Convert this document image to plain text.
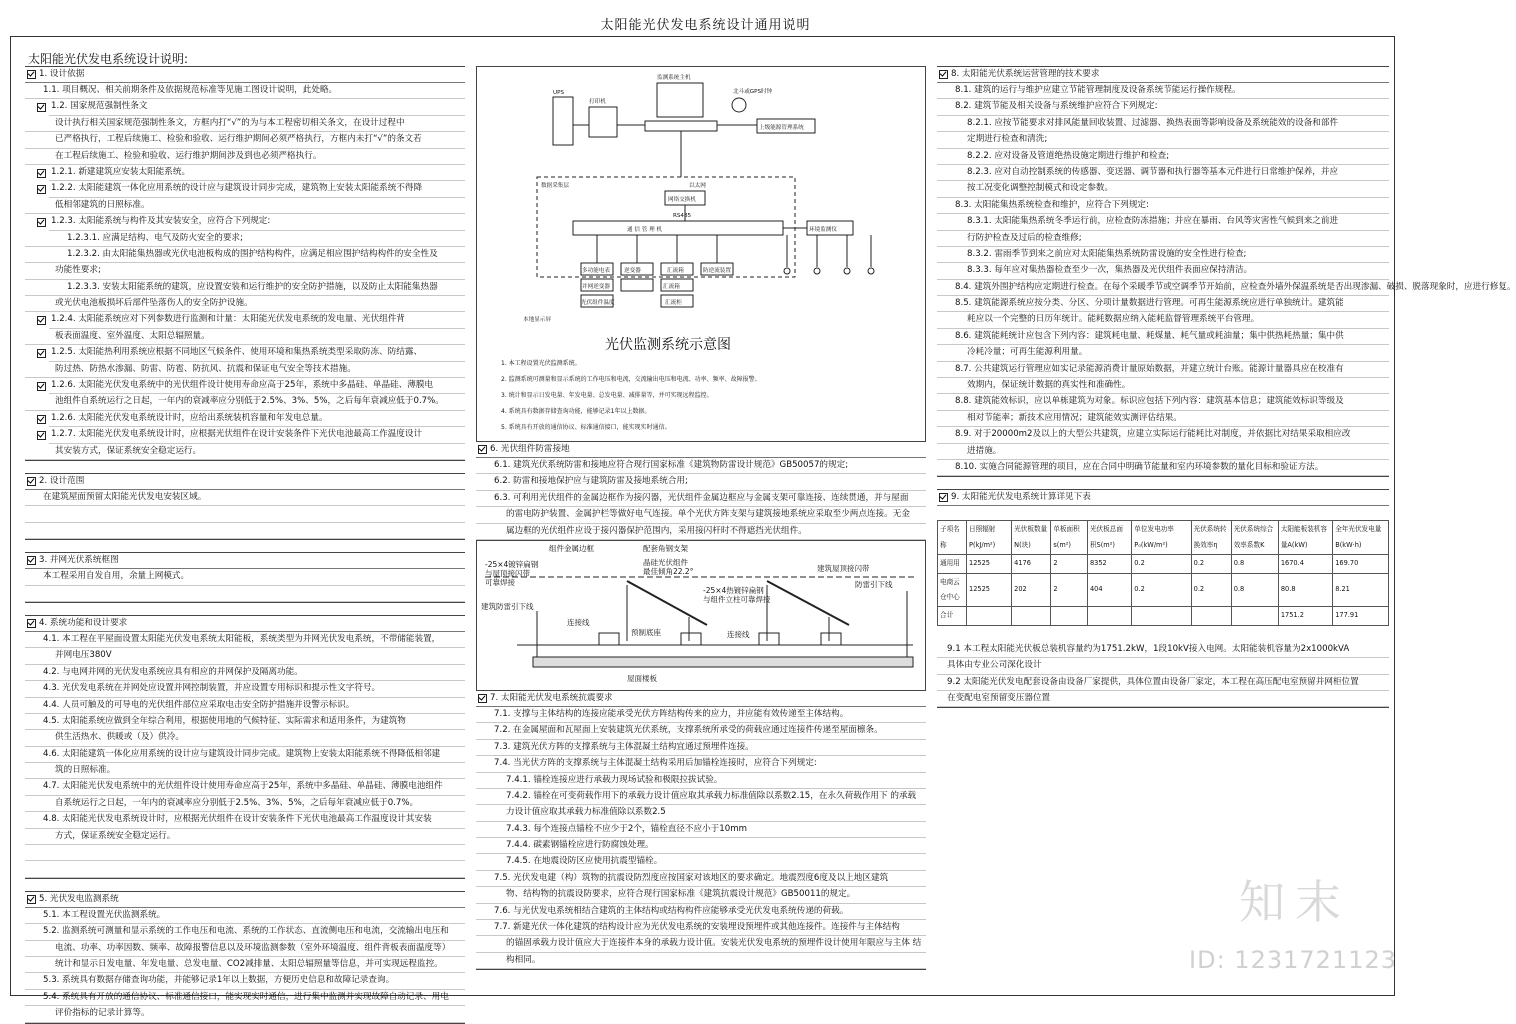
太阳能光伏发电系统设计通用说明
太阳能光伏发电系统设计说明:
1. 设计依据
1.1. 项目概况、相关前期条件及依据规范标准等见施工图设计说明，此处略。
1.2. 国家规范强制性条文
设计执行相关国家规范强制性条文，方框内打“√”的为与本工程密切相关条文，在设计过程中
已严格执行，工程后续施工、检验和验收、运行维护期间必须严格执行，方框内未打“√”的条文若
在工程后续施工、检验和验收、运行维护期间涉及到也必须严格执行。
1.2.1. 新建建筑应安装太阳能系统。
1.2.2. 太阳能建筑一体化应用系统的设计应与建筑设计同步完成，建筑物上安装太阳能系统不得降
低相邻建筑的日照标准。
1.2.3. 太阳能系统与构件及其安装安全，应符合下列规定:
1.2.3.1. 应满足结构、电气及防火安全的要求;
1.2.3.2. 由太阳能集热器或光伏电池板构成的围护结构构件，应满足相应围护结构构件的安全性及
功能性要求;
1.2.3.3. 安装太阳能系统的建筑，应设置安装和运行维护的安全防护措施，以及防止太阳能集热器
或光伏电池板损坏后部件坠落伤人的安全防护设施。
1.2.4. 太阳能系统应对下列参数进行监测和计量：太阳能光伏发电系统的发电量、光伏组件背
板表面温度、室外温度、太阳总辐照量。
1.2.5. 太阳能热利用系统应根据不同地区气候条件、使用环境和集热系统类型采取防冻、防结露、
防过热、防热水渗漏、防雷、防雹、防抗风、抗震和保证电气安全等技术措施。
1.2.6. 太阳能光伏发电系统中的光伏组件设计使用寿命应高于25年，系统中多晶硅、单晶硅、薄膜电
池组件自系统运行之日起，一年内的衰减率应分别低于2.5%、3%、5%，之后每年衰减应低于0.7%。
1.2.6. 太阳能光伏发电系统设计时，应给出系统装机容量和年发电总量。
1.2.7. 太阳能光伏发电系统设计时，应根据光伏组件在设计安装条件下光伏电池最高工作温度设计
其安装方式，保证系统安全稳定运行。
2. 设计范围
在建筑屋面预留太阳能光伏发电安装区域。
3. 并网光伏系统框图
本工程采用自发自用，余量上网模式。
4. 系统功能和设计要求
4.1. 本工程在平屋面设置太阳能光伏发电系统太阳能板，系统类型为并网光伏发电系统，不带储能装置，
并网电压380V
4.2. 与电网并网的光伏发电系统应具有相应的并网保护及隔离功能。
4.3. 光伏发电系统在并网处应设置并网控制装置，并应设置专用标识和提示性文字符号。
4.4. 人员可触及的可导电的光伏组件部位应采取电击安全防护措施并设警示标识。
4.5. 太阳能系统应做到全年综合利用，根据使用地的气候特征、实际需求和适用条件，为建筑物
供生活热水、供暖或（及）供冷。
4.6. 太阳能建筑一体化应用系统的设计应与建筑设计同步完成。建筑物上安装太阳能系统不得降低相邻建
筑的日照标准。
4.7. 太阳能光伏发电系统中的光伏组件设计使用寿命应高于25年，系统中多晶硅、单晶硅、薄膜电池组件
自系统运行之日起，一年内的衰减率应分别低于2.5%、3%、5%，之后每年衰减应低于0.7%。
4.8. 太阳能光伏发电系统设计时，应根据光伏组件在设计安装条件下光伏电池最高工作温度设计其安装
方式，保证系统安全稳定运行。
5. 光伏发电监测系统
5.1. 本工程设置光伏监测系统。
5.2. 监测系统可测量和显示系统的工作电压和电流、系统的工作状态、直流侧电压和电流，交流输出电压和
电流、功率、功率因数、频率、故障报警信息以及环境监测参数（室外环境温度、组件背板表面温度等）
统计和显示日发电量、年发电量、总发电量、CO2减排量、太阳总辐照量等信息，并可实现远程监控。
5.3. 系统具有数据存储查询功能，并能够记录1年以上数据，方便历史信息和故障记录查询。
5.4. 系统具有开放的通信协议、标准通信接口，能实现实时通信，进行集中监测并实现故障自动记录、用电
评价指标的记录计算等。
UPS
打印机
监测系统主机
北斗或GPS时钟
上级能源管理系统
以太网
网络交换机
通 信 管 理 机
RS485
环境监测仪
多功能电表	逆变器	汇流箱	防逆流装置
并网逆变器	汇流箱
光伏组件温度	汇流柜
数据采集层
本地显示屏
光伏监测系统示意图
1. 本工程设置光伏监测系统。
2. 监测系统可测量和显示系统的工作电压和电流，交流输出电压和电流、功率、频率、故障报警。
3. 统计和显示日发电量、年发电量、总发电量、减排量等，并可实现远程监控。
4. 系统具有数据存储查询功能，能够记录1年以上数据。
5. 系统具有开放的通信协议、标准通信接口，能实现实时通信。
6. 光伏组件防雷接地
6.1. 建筑光伏系统防雷和接地应符合现行国家标准《建筑物防雷设计规范》GB50057的规定;
6.2. 防雷和接地保护应与建筑防雷及接地系统合用;
6.3. 可利用光伏组件的金属边框作为接闪器，光伏组件金属边框应与金属支架可靠连接、连续贯通，并与屋面
的雷电防护装置、金属护栏等做好电气连接。单个光伏方阵支架与建筑接地系统应采取至少两点连接。无金
属边框的光伏组件应设于接闪器保护范围内，采用接闪杆时不得遮挡光伏组件。
组件金属边框
-25×4镀锌扁钢与屋顶接闪带可靠焊接
配套角钢支架
晶硅光伏组件最佳倾角22.2°
-25×4热镀锌扁钢与组件立柱可靠焊接
建筑屋顶接闪带
建筑防雷引下线
防雷引下线
连接线
连接线
预制底座
屋面楼板
7. 太阳能光伏发电系统抗震要求
7.1. 支撑与主体结构的连接应能承受光伏方阵结构传来的应力，并应能有效传递至主体结构。
7.2. 在金属屋面和瓦屋面上安装建筑光伏系统，支撑系统所承受的荷载应通过连接件传递至屋面檩条。
7.3. 建筑光伏方阵的支撑系统与主体混凝土结构宜通过预埋件连接。
7.4. 当光伏方阵的支撑系统与主体混凝土结构采用后加锚栓连接时，应符合下列规定:
7.4.1. 锚栓连接应进行承载力现场试验和极限拉拔试验。
7.4.2. 锚栓在可变荷载作用下的承载力设计值应取其承载力标准值除以系数2.15，在永久荷载作用下 的承载
力设计值应取其承载力标准值除以系数2.5
7.4.3. 每个连接点锚栓不应少于2个，锚栓直径不应小于10mm
7.4.4. 碳素钢锚栓应进行防腐蚀处理。
7.4.5. 在地震设防区应使用抗震型锚栓。
7.5. 光伏发电建（构）筑物的抗震设防烈度应按国家对该地区的要求确定。地震烈度6度及以上地区建筑
物、结构物的抗震设防要求，应符合现行国家标准《建筑抗震设计规范》GB50011的规定。
7.6. 与光伏发电系统相结合建筑的主体结构或结构构件应能够承受光伏发电系统传递的荷载。
7.7. 新建光伏一体化建筑的结构设计应为光伏发电系统的安装埋设预埋件或其他连接件。连接件与主体结构
的锚固承载力设计值应大于连接件本身的承载力设计值。安装光伏发电系统的预埋件设计使用年限应与主体 结
构相同。
8. 太阳能光伏系统运营管理的技术要求
8.1. 建筑的运行与维护应建立节能管理制度及设备系统节能运行操作规程。
8.2. 建筑节能及相关设备与系统维护应符合下列规定:
8.2.1. 应按节能要求对排风能量回收装置、过滤器、换热表面等影响设备及系统能效的设备和部件
定期进行检查和清洗;
8.2.2. 应对设备及管道绝热设施定期进行维护和检查;
8.2.3. 应对自动控制系统的传感器、变送器、调节器和执行器等基本元件进行日常维护保养，并应
按工况变化调整控制模式和设定参数。
8.3. 太阳能集热系统检查和维护，应符合下列规定:
8.3.1. 太阳能集热系统冬季运行前，应检查防冻措施；并应在暴雨、台风等灾害性气候到来之前进
行防护检查及过后的检查维修;
8.3.2. 雷雨季节到来之前应对太阳能集热系统防雷设施的安全性进行检查;
8.3.3. 每年应对集热器检查至少一次，集热器及光伏组件表面应保持清洁。
8.4. 建筑外围护结构应定期进行检查。在每个采暖季节或空调季节开始前，应检查外墙外保温系统是否出现渗漏、破损、脱落现象时，应进行修复。
8.5. 建筑能源系统应按分类、分区、分项计量数据进行管理。可再生能源系统应进行单独统计。建筑能
耗应以一个完整的日历年统计。能耗数据应纳入能耗监督管理系统平台管理。
8.6. 建筑能耗统计应包含下列内容：建筑耗电量、耗煤量、耗气量或耗油量；集中供热耗热量；集中供
冷耗冷量；可再生能源利用量。
8.7. 公共建筑运行管理应如实记录能源消费计量原始数据，并建立统计台账。能源计量器具应在校准有
效期内，保证统计数据的真实性和准确性。
8.8. 建筑能效标识，应以单栋建筑为对象。标识应包括下列内容：建筑基本信息；建筑能效标识等级及
相对节能率；新技术应用情况；建筑能效实测评估结果。
8.9. 对于20000m2及以上的大型公共建筑，应建立实际运行能耗比对制度，并依据比对结果采取相应改
进措施。
8.10. 实施合同能源管理的项目，应在合同中明确节能量和室内环境参数的量化目标和验证方法。
9. 太阳能光伏发电系统计算详见下表
子项名称	日照辐射P(kJ/m²)	光伏板数量N(块)	单板面积s(m²)	光伏板总面积S(m²)	单位发电功率P₀(kW/m²)	光伏系统转换效率η	光伏系统综合效率系数K	太阳能板装机容量A(kW)	全年光伏发电量B(kW·h)
通用用	12525	4176	2	8352	0.2	0.2	0.8	1670.4	169.70
电商云仓中心	12525	202	2	404	0.2	0.2	0.8	80.8	8.21
合计								1751.2	177.91
9.1 本工程太阳能光伏板总装机容量约为1751.2kW，1段10kV接入电网。太阳能装机容量为2x1000kVA
具体由专业公司深化设计
9.2 太阳能光伏发电配套设备由设备厂家提供，具体位置由设备厂家定，本工程在高压配电室预留并网柜位置
在变配电室预留变压器位置
知末
ID: 1231721123
